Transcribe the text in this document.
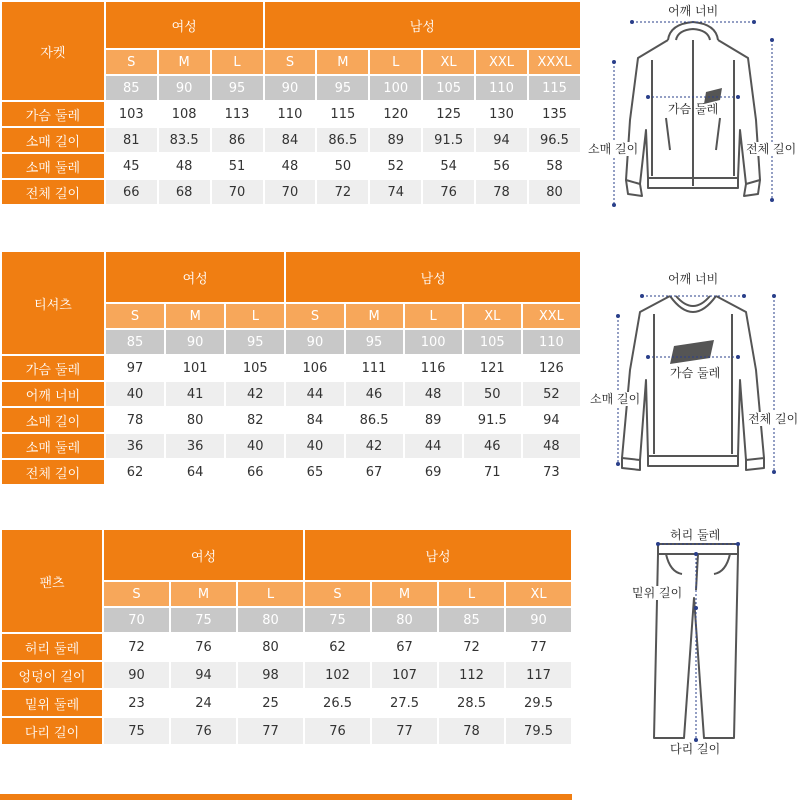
자켓	여성			남성					
	S	M	L	S	M	L	XL	XXL	XXXL
	85	90	95	90	95	100	105	110	115
가슴 둘레	103	108	113	110	115	120	125	130	135
소매 길이	81	83.5	86	84	86.5	89	91.5	94	96.5
소매 둘레	45	48	51	48	50	52	54	56	58
전체 길이	66	68	70	70	72	74	76	78	80
어깨 너비
가슴 둘레
소매 길이	전체 길이
티셔츠	여성			남성				
	S	M	L	S	M	L	XL	XXL
	85	90	95	90	95	100	105	110
가슴 둘레	97	101	105	106	111	116	121	126
어깨 너비	40	41	42	44	46	48	50	52
소매 길이	78	80	82	84	86.5	89	91.5	94
소매 둘레	36	36	40	40	42	44	46	48
전체 길이	62	64	66	65	67	69	71	73
어깨 너비
가슴 둘레
소매 길이
전체 길이
팬츠	여성			남성			
	S	M	L	S	M	L	XL
	70	75	80	75	80	85	90
허리 둘레	72	76	80	62	67	72	77
엉덩이 길이	90	94	98	102	107	112	117
밑위 둘레	23	24	25	26.5	27.5	28.5	29.5
다리 길이	75	76	77	76	77	78	79.5
허리 둘레
밑위 길이
다리 길이
